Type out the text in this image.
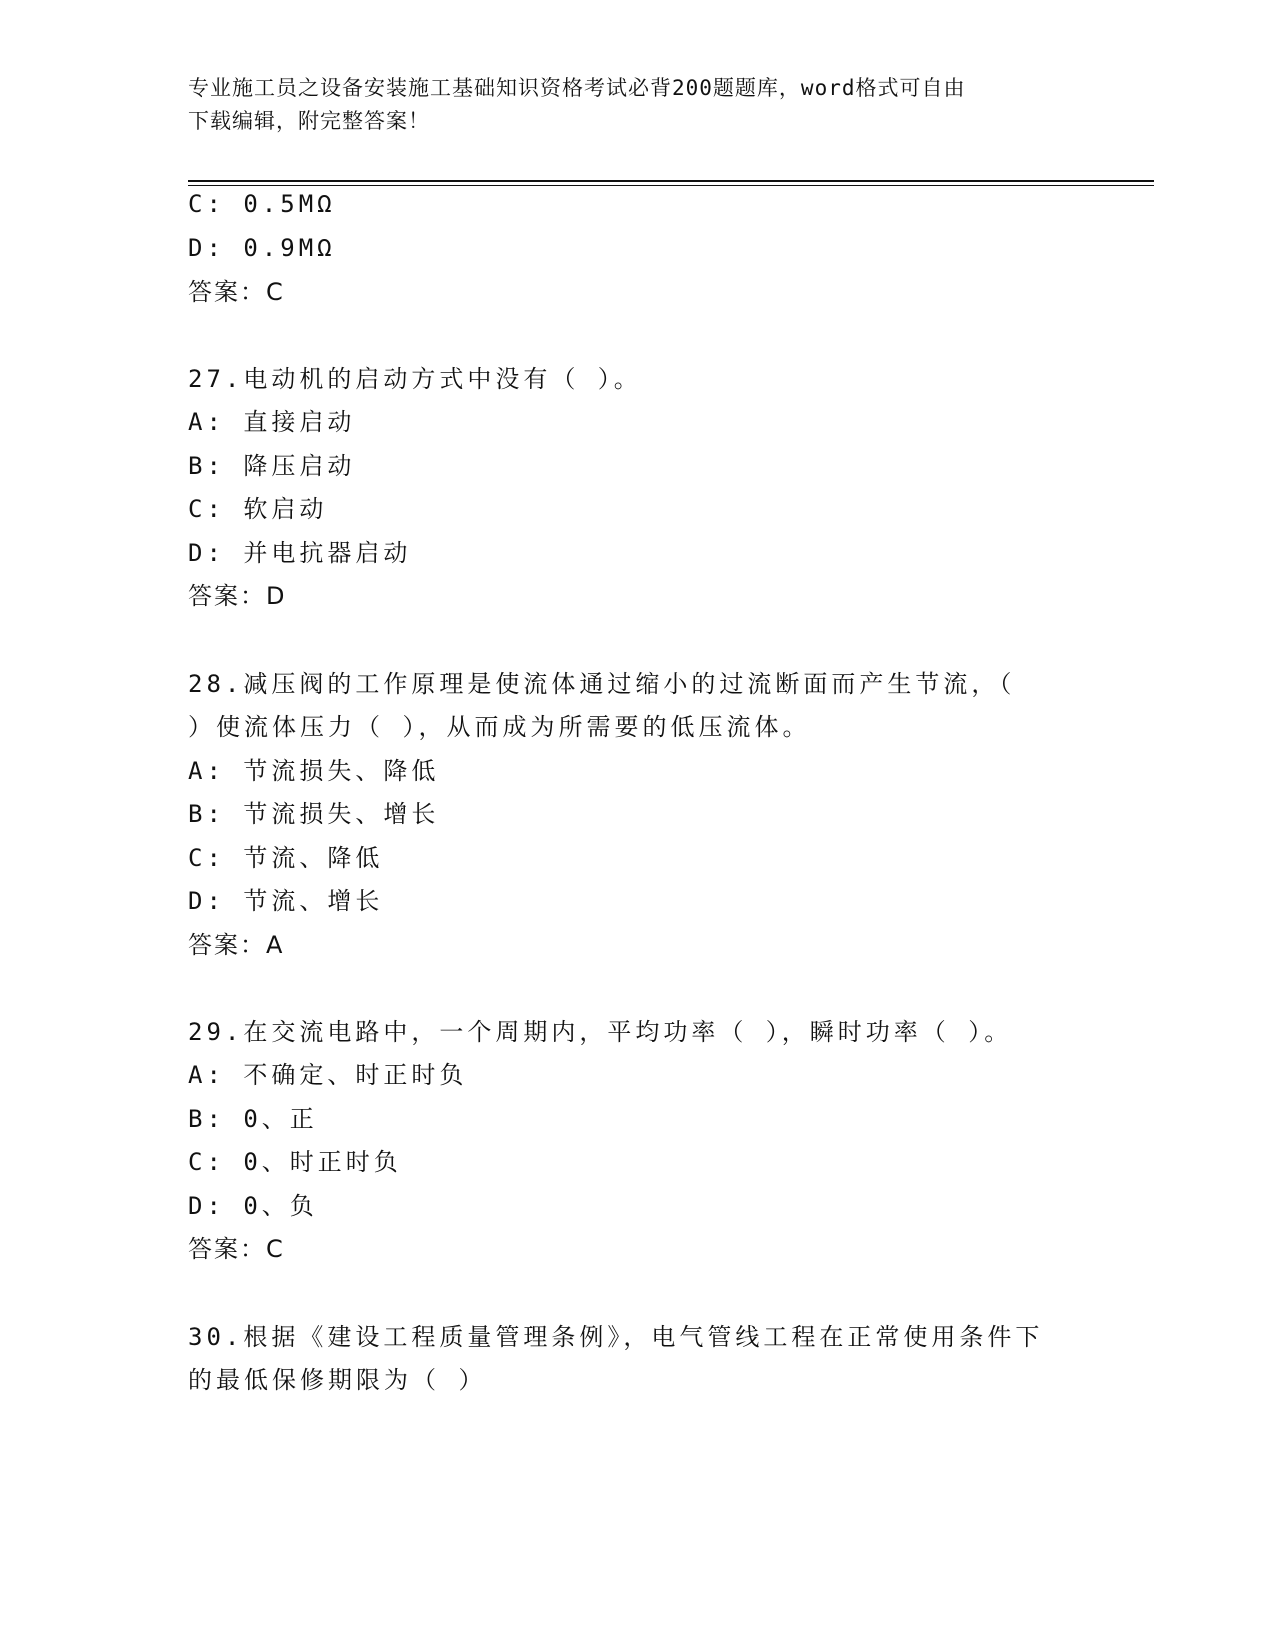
专业施工员之设备安装施工基础知识资格考试必背200题题库，word格式可自由
下载编辑，附完整答案！
C: 0.5MΩ
D: 0.9MΩ
答案：C
27.电动机的启动方式中没有（ ）。
A: 直接启动
B: 降压启动
C: 软启动
D: 并电抗器启动
答案：D
28.减压阀的工作原理是使流体通过缩小的过流断面而产生节流，（
）使流体压力（ ），从而成为所需要的低压流体。
A: 节流损失、降低
B: 节流损失、增长
C: 节流、降低
D: 节流、增长
答案：A
29.在交流电路中，一个周期内，平均功率（ ），瞬时功率（ ）。
A: 不确定、时正时负
B: 0、正
C: 0、时正时负
D: 0、负
答案：C
30.根据《建设工程质量管理条例》，电气管线工程在正常使用条件下
的最低保修期限为（ ）
